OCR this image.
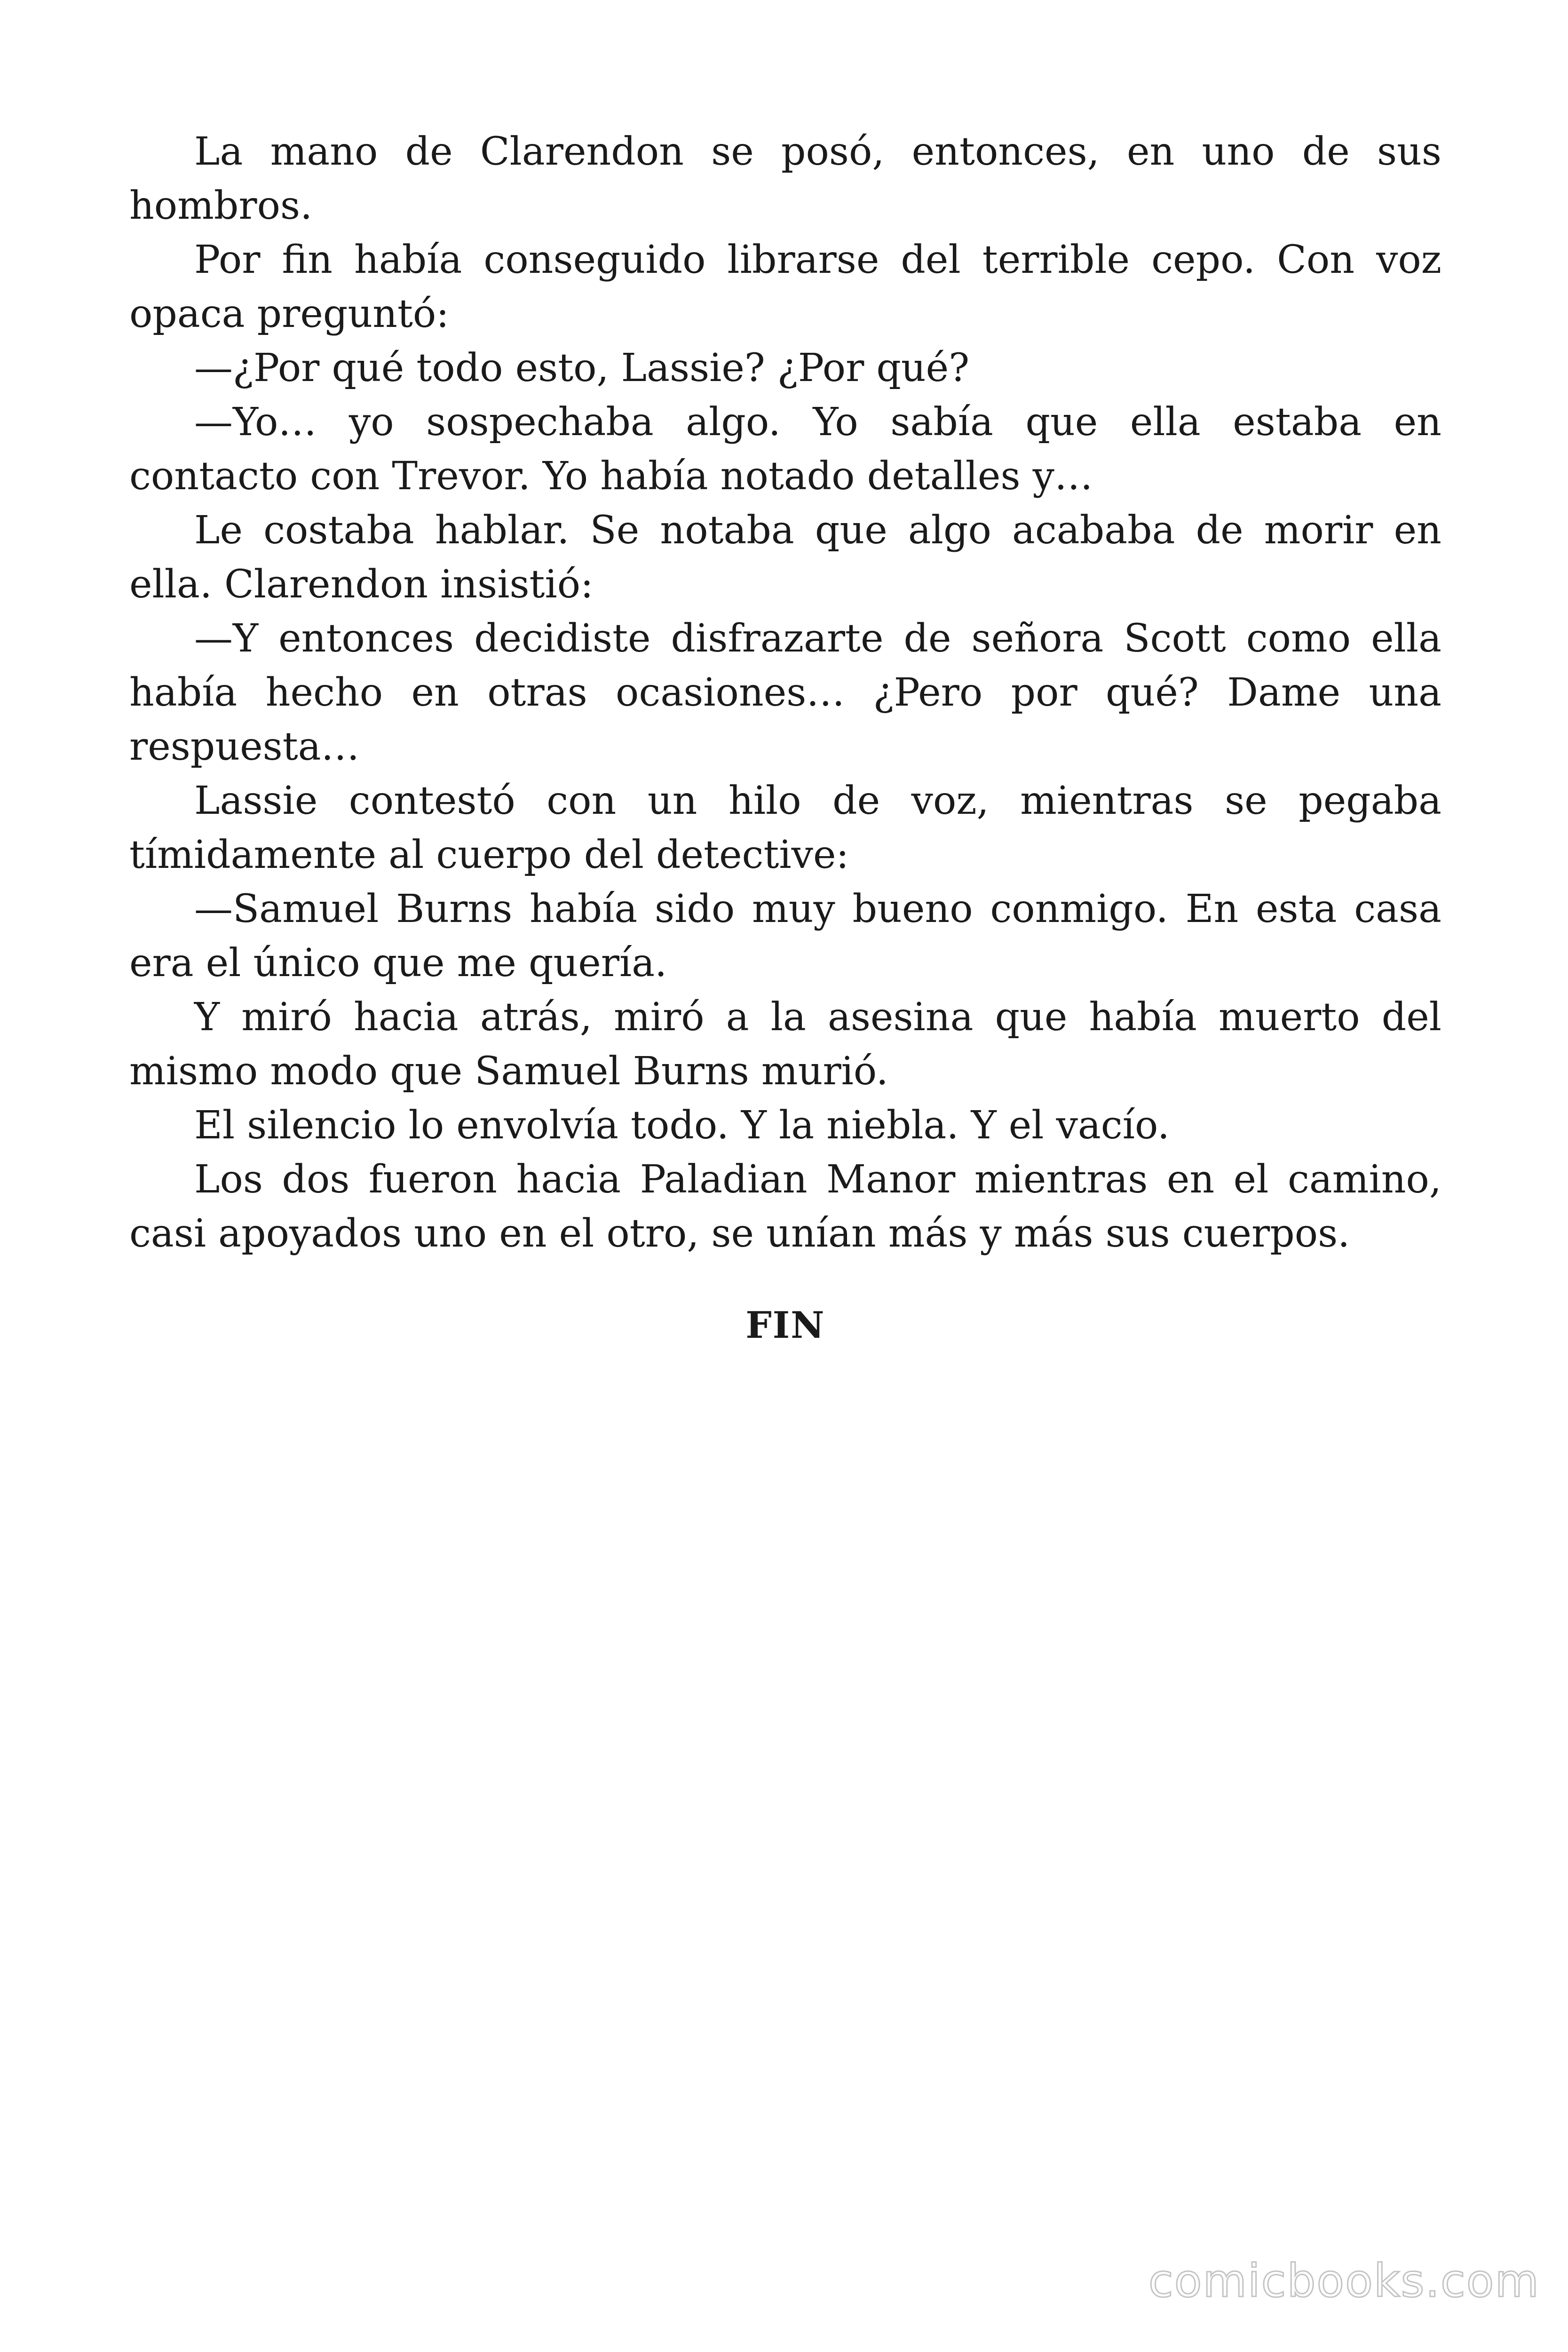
La mano de Clarendon se posó, entonces, en uno de sus hombros.

Por fin había conseguido librarse del terrible cepo. Con voz opaca preguntó:

—¿Por qué todo esto, Lassie? ¿Por qué?

—Yo… yo sospechaba algo. Yo sabía que ella estaba en contacto con Trevor. Yo había notado detalles y…

Le costaba hablar. Se notaba que algo acababa de morir en ella. Clarendon insistió:

—Y entonces decidiste disfrazarte de señora Scott como ella había hecho en otras ocasiones… ¿Pero por qué? Dame una respuesta…

Lassie contestó con un hilo de voz, mientras se pegaba tímidamente al cuerpo del detective:

—Samuel Burns había sido muy bueno conmigo. En esta casa era el único que me quería.

Y miró hacia atrás, miró a la asesina que había muerto del mismo modo que Samuel Burns murió.

El silencio lo envolvía todo. Y la niebla. Y el vacío.

Los dos fueron hacia Paladian Manor mientras en el camino, casi apoyados uno en el otro, se unían más y más sus cuerpos.

FIN

comicbooks.com
